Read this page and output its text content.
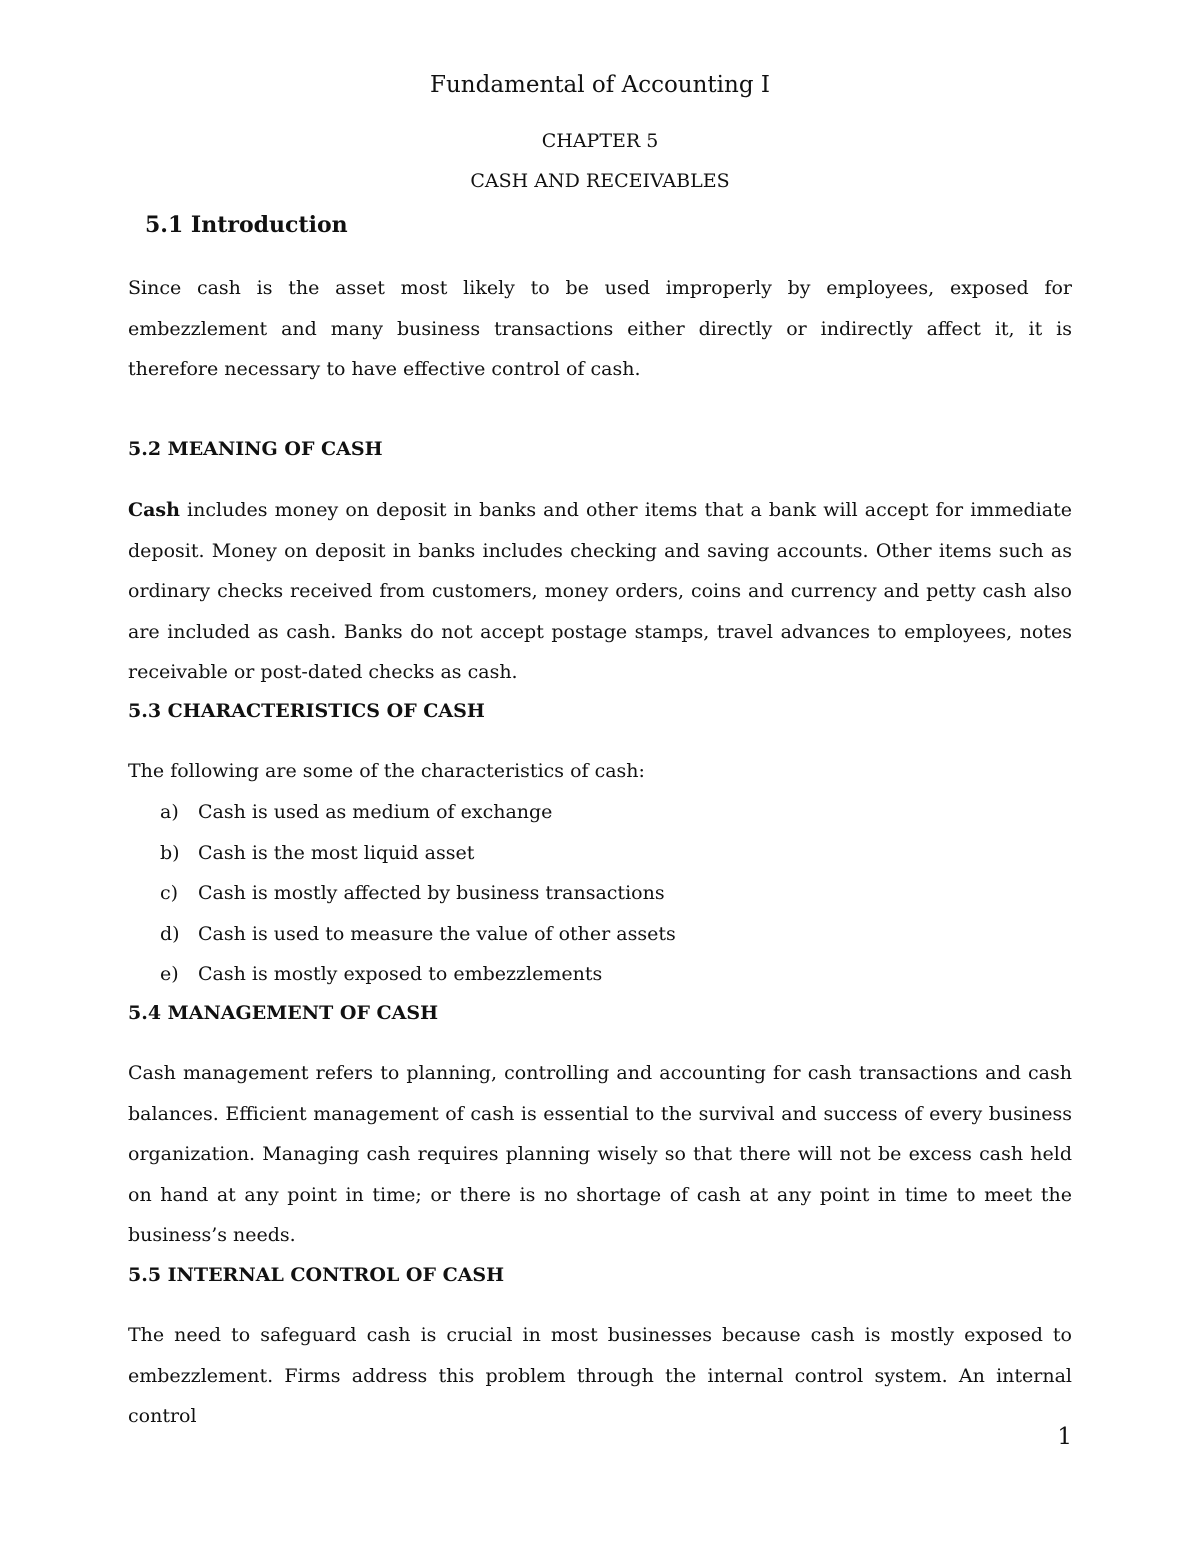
Fundamental of Accounting I
CHAPTER 5
CASH AND RECEIVABLES
5.1 Introduction

Since cash is the asset most likely to be used improperly by employees, exposed for embezzlement and many business transactions either directly or indirectly affect it, it is therefore necessary to have effective control of cash.

5.2 MEANING OF CASH

Cash includes money on deposit in banks and other items that a bank will accept for immediate deposit. Money on deposit in banks includes checking and saving accounts. Other items such as ordinary checks received from customers, money orders, coins and currency and petty cash also are included as cash. Banks do not accept postage stamps, travel advances to employees, notes receivable or post-dated checks as cash.

5.3 CHARACTERISTICS OF CASH

The following are some of the characteristics of cash:

a) Cash is used as medium of exchange
b) Cash is the most liquid asset
c) Cash is mostly affected by business transactions
d) Cash is used to measure the value of other assets
e) Cash is mostly exposed to embezzlements
5.4 MANAGEMENT OF CASH

Cash management refers to planning, controlling and accounting for cash transactions and cash balances. Efficient management of cash is essential to the survival and success of every business organization. Managing cash requires planning wisely so that there will not be excess cash held on hand at any point in time; or there is no shortage of cash at any point in time to meet the business’s needs.

5.5 INTERNAL CONTROL OF CASH

The need to safeguard cash is crucial in most businesses because cash is mostly exposed to embezzlement. Firms address this problem through the internal control system. An internal control

1
